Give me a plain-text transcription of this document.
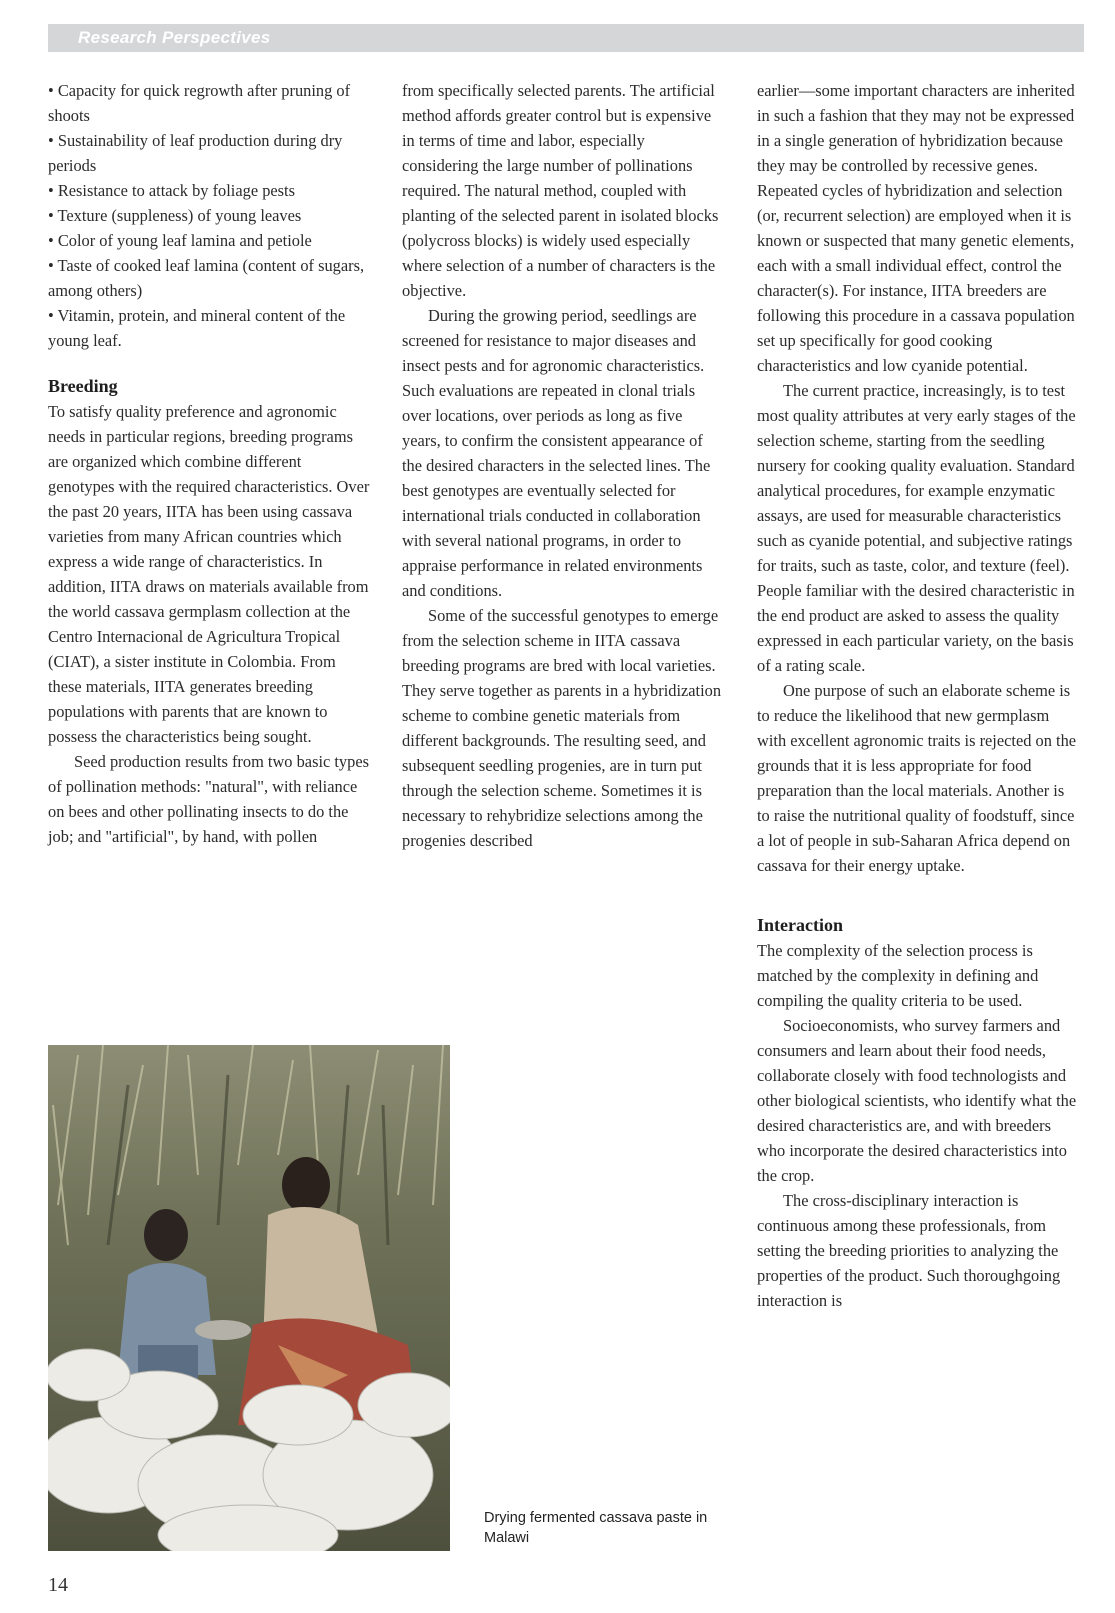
Research Perspectives
• Capacity for quick regrowth after pruning of shoots
• Sustainability of leaf production during dry periods
• Resistance to attack by foliage pests
• Texture (suppleness) of young leaves
• Color of young leaf lamina and petiole
• Taste of cooked leaf lamina (content of sugars, among others)
• Vitamin, protein, and mineral content of the young leaf.
Breeding

To satisfy quality preference and agronomic needs in particular regions, breeding programs are organized which combine different genotypes with the required characteristics. Over the past 20 years, IITA has been using cassava varieties from many African countries which express a wide range of characteristics. In addition, IITA draws on materials available from the world cassava germplasm collection at the Centro Internacional de Agricultura Tropical (CIAT), a sister institute in Colombia. From these materials, IITA generates breeding populations with parents that are known to possess the characteristics being sought.

Seed production results from two basic types of pollination methods: "natural", with reliance on bees and other pollinating insects to do the job; and "artificial", by hand, with pollen

from specifically selected parents. The artificial method affords greater control but is expensive in terms of time and labor, especially considering the large number of pollinations required. The natural method, coupled with planting of the selected parent in isolated blocks (polycross blocks) is widely used especially where selection of a number of characters is the objective.

During the growing period, seedlings are screened for resistance to major diseases and insect pests and for agronomic characteristics. Such evaluations are repeated in clonal trials over locations, over periods as long as five years, to confirm the consistent appearance of the desired characters in the selected lines. The best genotypes are eventually selected for international trials conducted in collaboration with several national programs, in order to appraise performance in related environments and conditions.

Some of the successful genotypes to emerge from the selection scheme in IITA cassava breeding programs are bred with local varieties. They serve together as parents in a hybridization scheme to combine genetic materials from different backgrounds. The resulting seed, and subsequent seedling progenies, are in turn put through the selection scheme. Sometimes it is necessary to rehybridize selections among the progenies described

earlier—some important characters are inherited in such a fashion that they may not be expressed in a single generation of hybridization because they may be controlled by recessive genes. Repeated cycles of hybridization and selection (or, recurrent selection) are employed when it is known or suspected that many genetic elements, each with a small individual effect, control the character(s). For instance, IITA breeders are following this procedure in a cassava population set up specifically for good cooking characteristics and low cyanide potential.

The current practice, increasingly, is to test most quality attributes at very early stages of the selection scheme, starting from the seedling nursery for cooking quality evaluation. Standard analytical procedures, for example enzymatic assays, are used for measurable characteristics such as cyanide potential, and subjective ratings for traits, such as taste, color, and texture (feel). People familiar with the desired characteristic in the end product are asked to assess the quality expressed in each particular variety, on the basis of a rating scale.

One purpose of such an elaborate scheme is to reduce the likelihood that new germplasm with excellent agronomic traits is rejected on the grounds that it is less appropriate for food preparation than the local materials. Another is to raise the nutritional quality of foodstuff, since a lot of people in sub-Saharan Africa depend on cassava for their energy uptake.

Interaction

The complexity of the selection process is matched by the complexity in defining and compiling the quality criteria to be used.

Socioeconomists, who survey farmers and consumers and learn about their food needs, collaborate closely with food technologists and other biological scientists, who identify what the desired characteristics are, and with breeders who incorporate the desired characteristics into the crop.

The cross-disciplinary interaction is continuous among these professionals, from setting the breeding priorities to analyzing the properties of the product. Such thoroughgoing interaction is

Drying fermented cassava paste in Malawi
14
